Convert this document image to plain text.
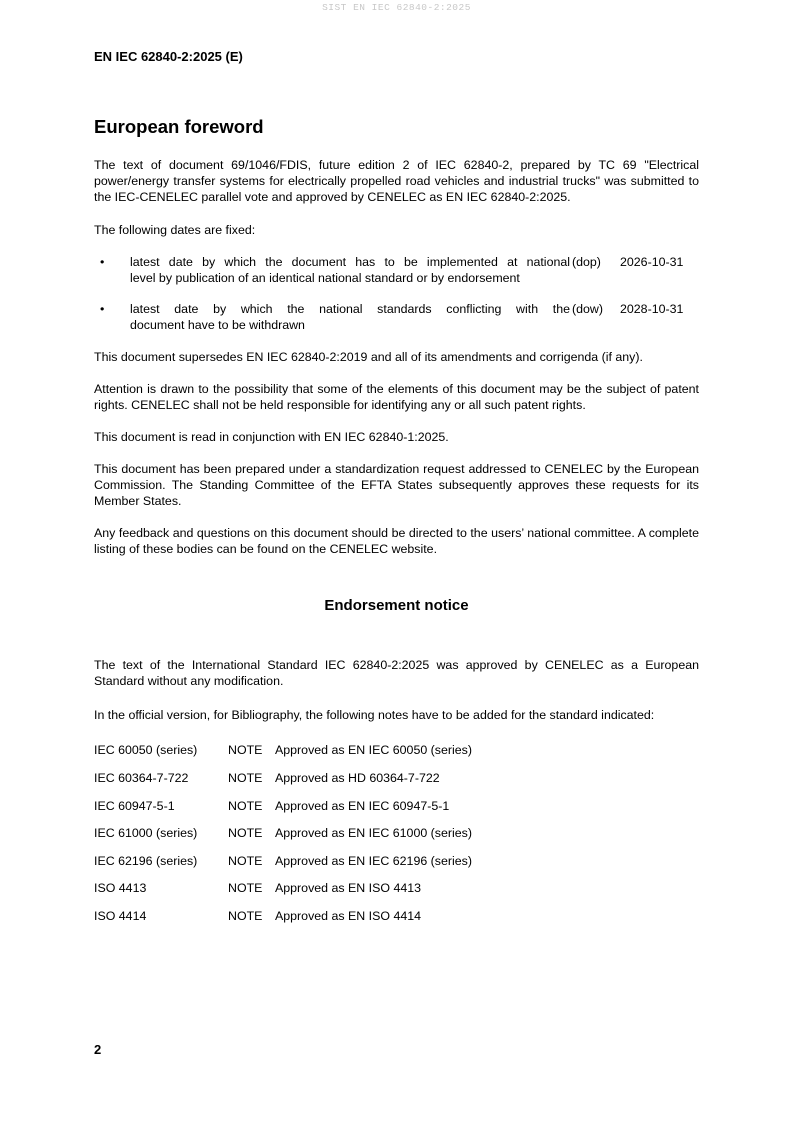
SIST EN IEC 62840-2:2025
EN IEC 62840-2:2025 (E)
European foreword
The text of document 69/1046/FDIS, future edition 2 of IEC 62840-2, prepared by TC 69 "Electrical power/energy transfer systems for electrically propelled road vehicles and industrial trucks" was submitted to the IEC-CENELEC parallel vote and approved by CENELEC as EN IEC 62840-2:2025.
The following dates are fixed:
• latest date by which the document has to be implemented at national
level by publication of an identical national standard or by endorsement
(dop) 2026-10-31
• latest date by which the national standards conflicting with the
document have to be withdrawn
(dow) 2028-10-31
This document supersedes EN IEC 62840-2:2019 and all of its amendments and corrigenda (if any).
Attention is drawn to the possibility that some of the elements of this document may be the subject of patent rights. CENELEC shall not be held responsible for identifying any or all such patent rights.
This document is read in conjunction with EN IEC 62840-1:2025.
This document has been prepared under a standardization request addressed to CENELEC by the European Commission. The Standing Committee of the EFTA States subsequently approves these requests for its Member States.
Any feedback and questions on this document should be directed to the users’ national committee. A complete listing of these bodies can be found on the CENELEC website.
Endorsement notice
The text of the International Standard IEC 62840-2:2025 was approved by CENELEC as a European Standard without any modification.
In the official version, for Bibliography, the following notes have to be added for the standard indicated:
IEC 60050 (series) NOTE Approved as EN IEC 60050 (series)
IEC 60364-7-722	NOTE Approved as HD 60364-7-722
IEC 60947-5-1	NOTE Approved as EN IEC 60947-5-1
IEC 61000 (series) NOTE Approved as EN IEC 61000 (series)
IEC 62196 (series) NOTE Approved as EN IEC 62196 (series)
ISO 4413	NOTE Approved as EN ISO 4413
ISO 4414	NOTE Approved as EN ISO 4414
2
